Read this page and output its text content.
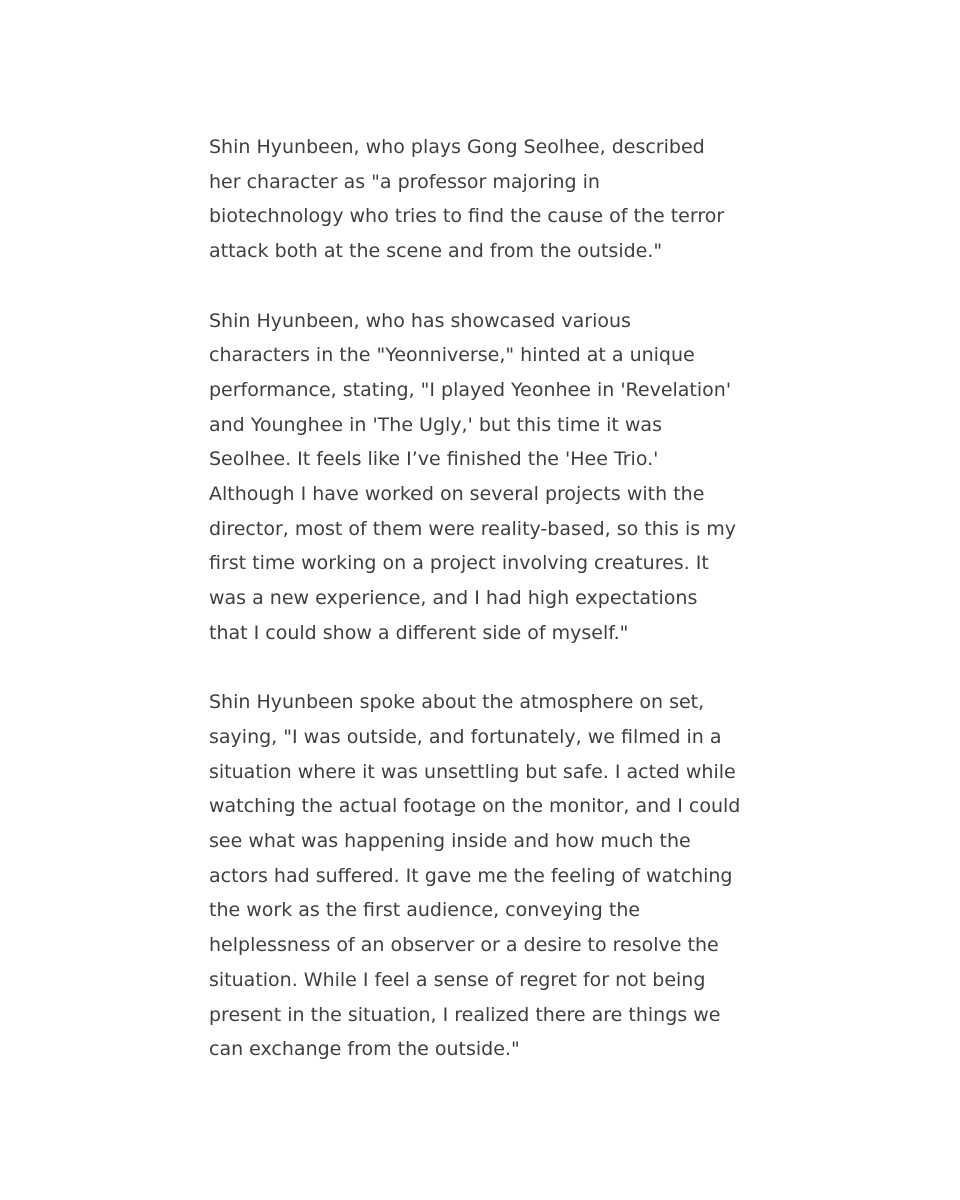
Shin Hyunbeen, who plays Gong Seolhee, described
her character as "a professor majoring in
biotechnology who tries to find the cause of the terror
attack both at the scene and from the outside."

Shin Hyunbeen, who has showcased various
characters in the "Yeonniverse," hinted at a unique
performance, stating, "I played Yeonhee in 'Revelation'
and Younghee in 'The Ugly,' but this time it was
Seolhee. It feels like I’ve finished the 'Hee Trio.'
Although I have worked on several projects with the
director, most of them were reality-based, so this is my
first time working on a project involving creatures. It
was a new experience, and I had high expectations
that I could show a different side of myself."

Shin Hyunbeen spoke about the atmosphere on set,
saying, "I was outside, and fortunately, we filmed in a
situation where it was unsettling but safe. I acted while
watching the actual footage on the monitor, and I could
see what was happening inside and how much the
actors had suffered. It gave me the feeling of watching
the work as the first audience, conveying the
helplessness of an observer or a desire to resolve the
situation. While I feel a sense of regret for not being
present in the situation, I realized there are things we
can exchange from the outside."
